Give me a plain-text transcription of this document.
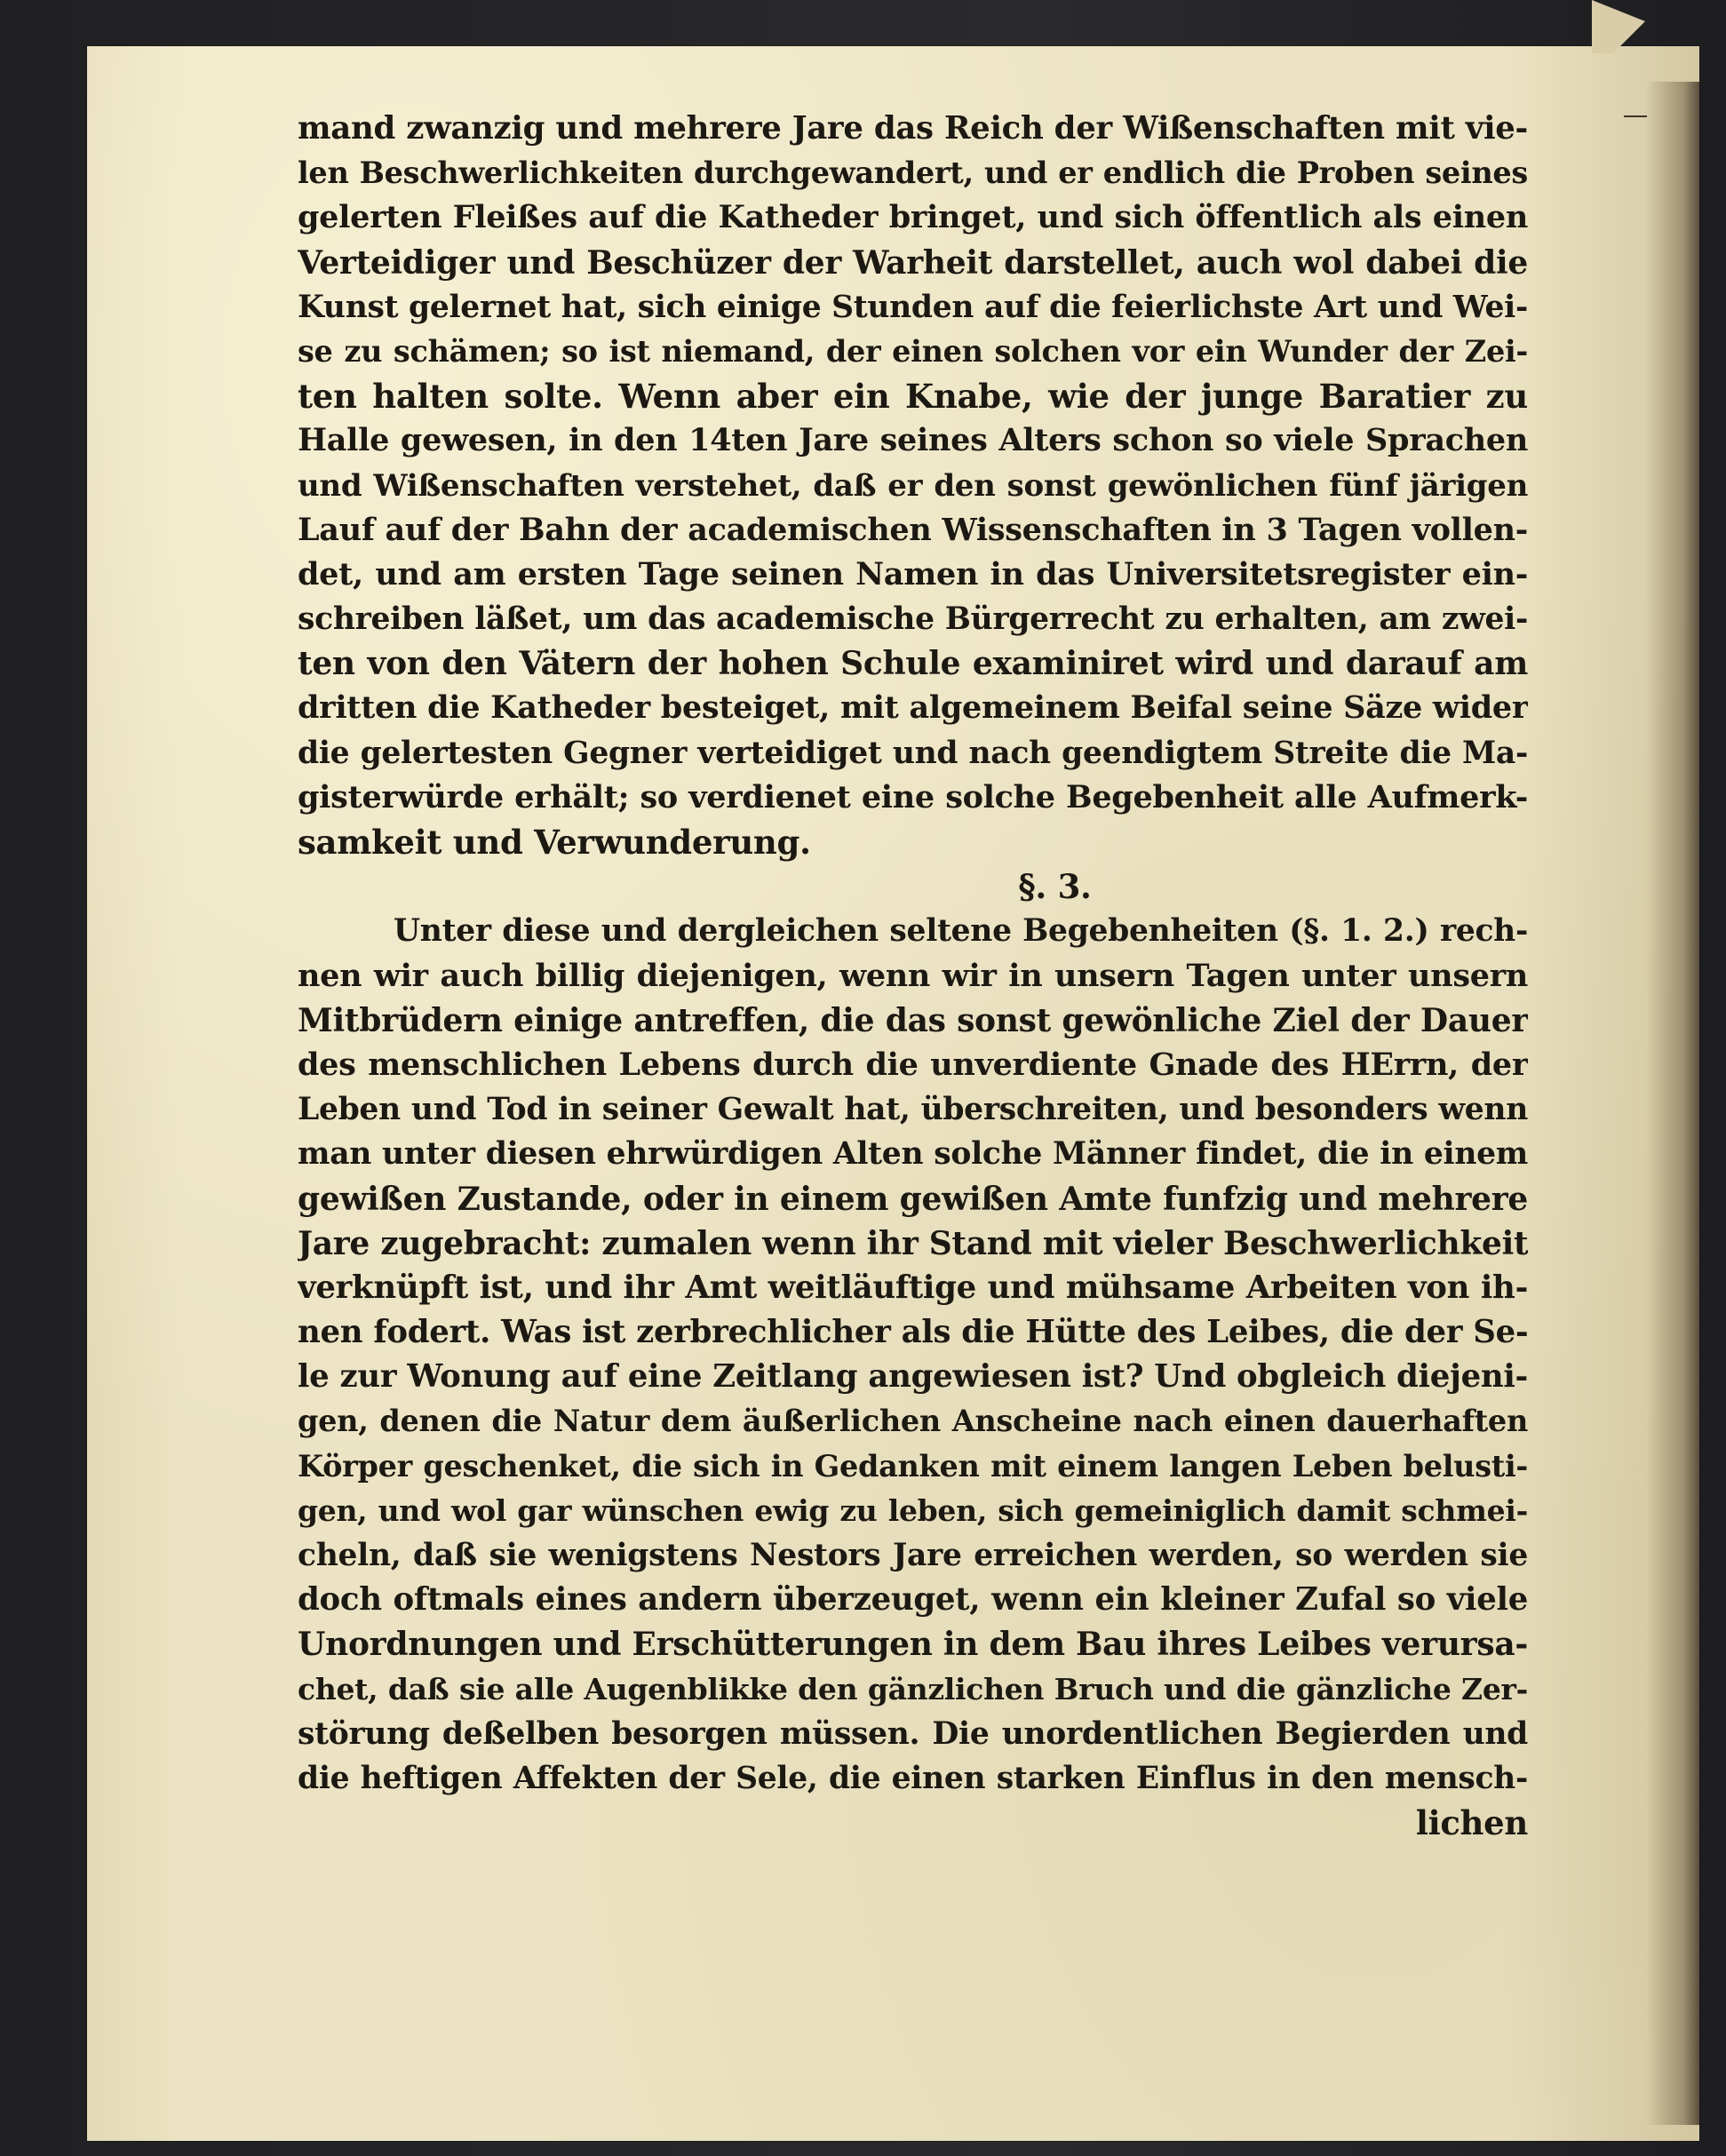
mand zwanzig und mehrere Jare das Reich der Wißenschaften mit vie-
len Beschwerlichkeiten durchgewandert, und er endlich die Proben seines
gelerten Fleißes auf die Katheder bringet, und sich öffentlich als einen
Verteidiger und Beschüzer der Warheit darstellet, auch wol dabei die
Kunst gelernet hat, sich einige Stunden auf die feierlichste Art und Wei-
se zu schämen; so ist niemand, der einen solchen vor ein Wunder der Zei-
ten halten solte. Wenn aber ein Knabe, wie der junge Baratier zu
Halle gewesen, in den 14ten Jare seines Alters schon so viele Sprachen
und Wißenschaften verstehet, daß er den sonst gewönlichen fünf järigen
Lauf auf der Bahn der academischen Wissenschaften in 3 Tagen vollen-
det, und am ersten Tage seinen Namen in das Universitetsregister ein-
schreiben läßet, um das academische Bürgerrecht zu erhalten, am zwei-
ten von den Vätern der hohen Schule examiniret wird und darauf am
dritten die Katheder besteiget, mit algemeinem Beifal seine Säze wider
die gelertesten Gegner verteidiget und nach geendigtem Streite die Ma-
gisterwürde erhält; so verdienet eine solche Begebenheit alle Aufmerk-
samkeit und Verwunderung.
§. 3.
Unter diese und dergleichen seltene Begebenheiten (§. 1. 2.) rech-
nen wir auch billig diejenigen, wenn wir in unsern Tagen unter unsern
Mitbrüdern einige antreffen, die das sonst gewönliche Ziel der Dauer
des menschlichen Lebens durch die unverdiente Gnade des HErrn, der
Leben und Tod in seiner Gewalt hat, überschreiten, und besonders wenn
man unter diesen ehrwürdigen Alten solche Männer findet, die in einem
gewißen Zustande, oder in einem gewißen Amte funfzig und mehrere
Jare zugebracht: zumalen wenn ihr Stand mit vieler Beschwerlichkeit
verknüpft ist, und ihr Amt weitläuftige und mühsame Arbeiten von ih-
nen fodert. Was ist zerbrechlicher als die Hütte des Leibes, die der Se-
le zur Wonung auf eine Zeitlang angewiesen ist? Und obgleich diejeni-
gen, denen die Natur dem äußerlichen Anscheine nach einen dauerhaften
Körper geschenket, die sich in Gedanken mit einem langen Leben belusti-
gen, und wol gar wünschen ewig zu leben, sich gemeiniglich damit schmei-
cheln, daß sie wenigstens Nestors Jare erreichen werden, so werden sie
doch oftmals eines andern überzeuget, wenn ein kleiner Zufal so viele
Unordnungen und Erschütterungen in dem Bau ihres Leibes verursa-
chet, daß sie alle Augenblikke den gänzlichen Bruch und die gänzliche Zer-
störung deßelben besorgen müssen. Die unordentlichen Begierden und
die heftigen Affekten der Sele, die einen starken Einflus in den mensch-
lichen
